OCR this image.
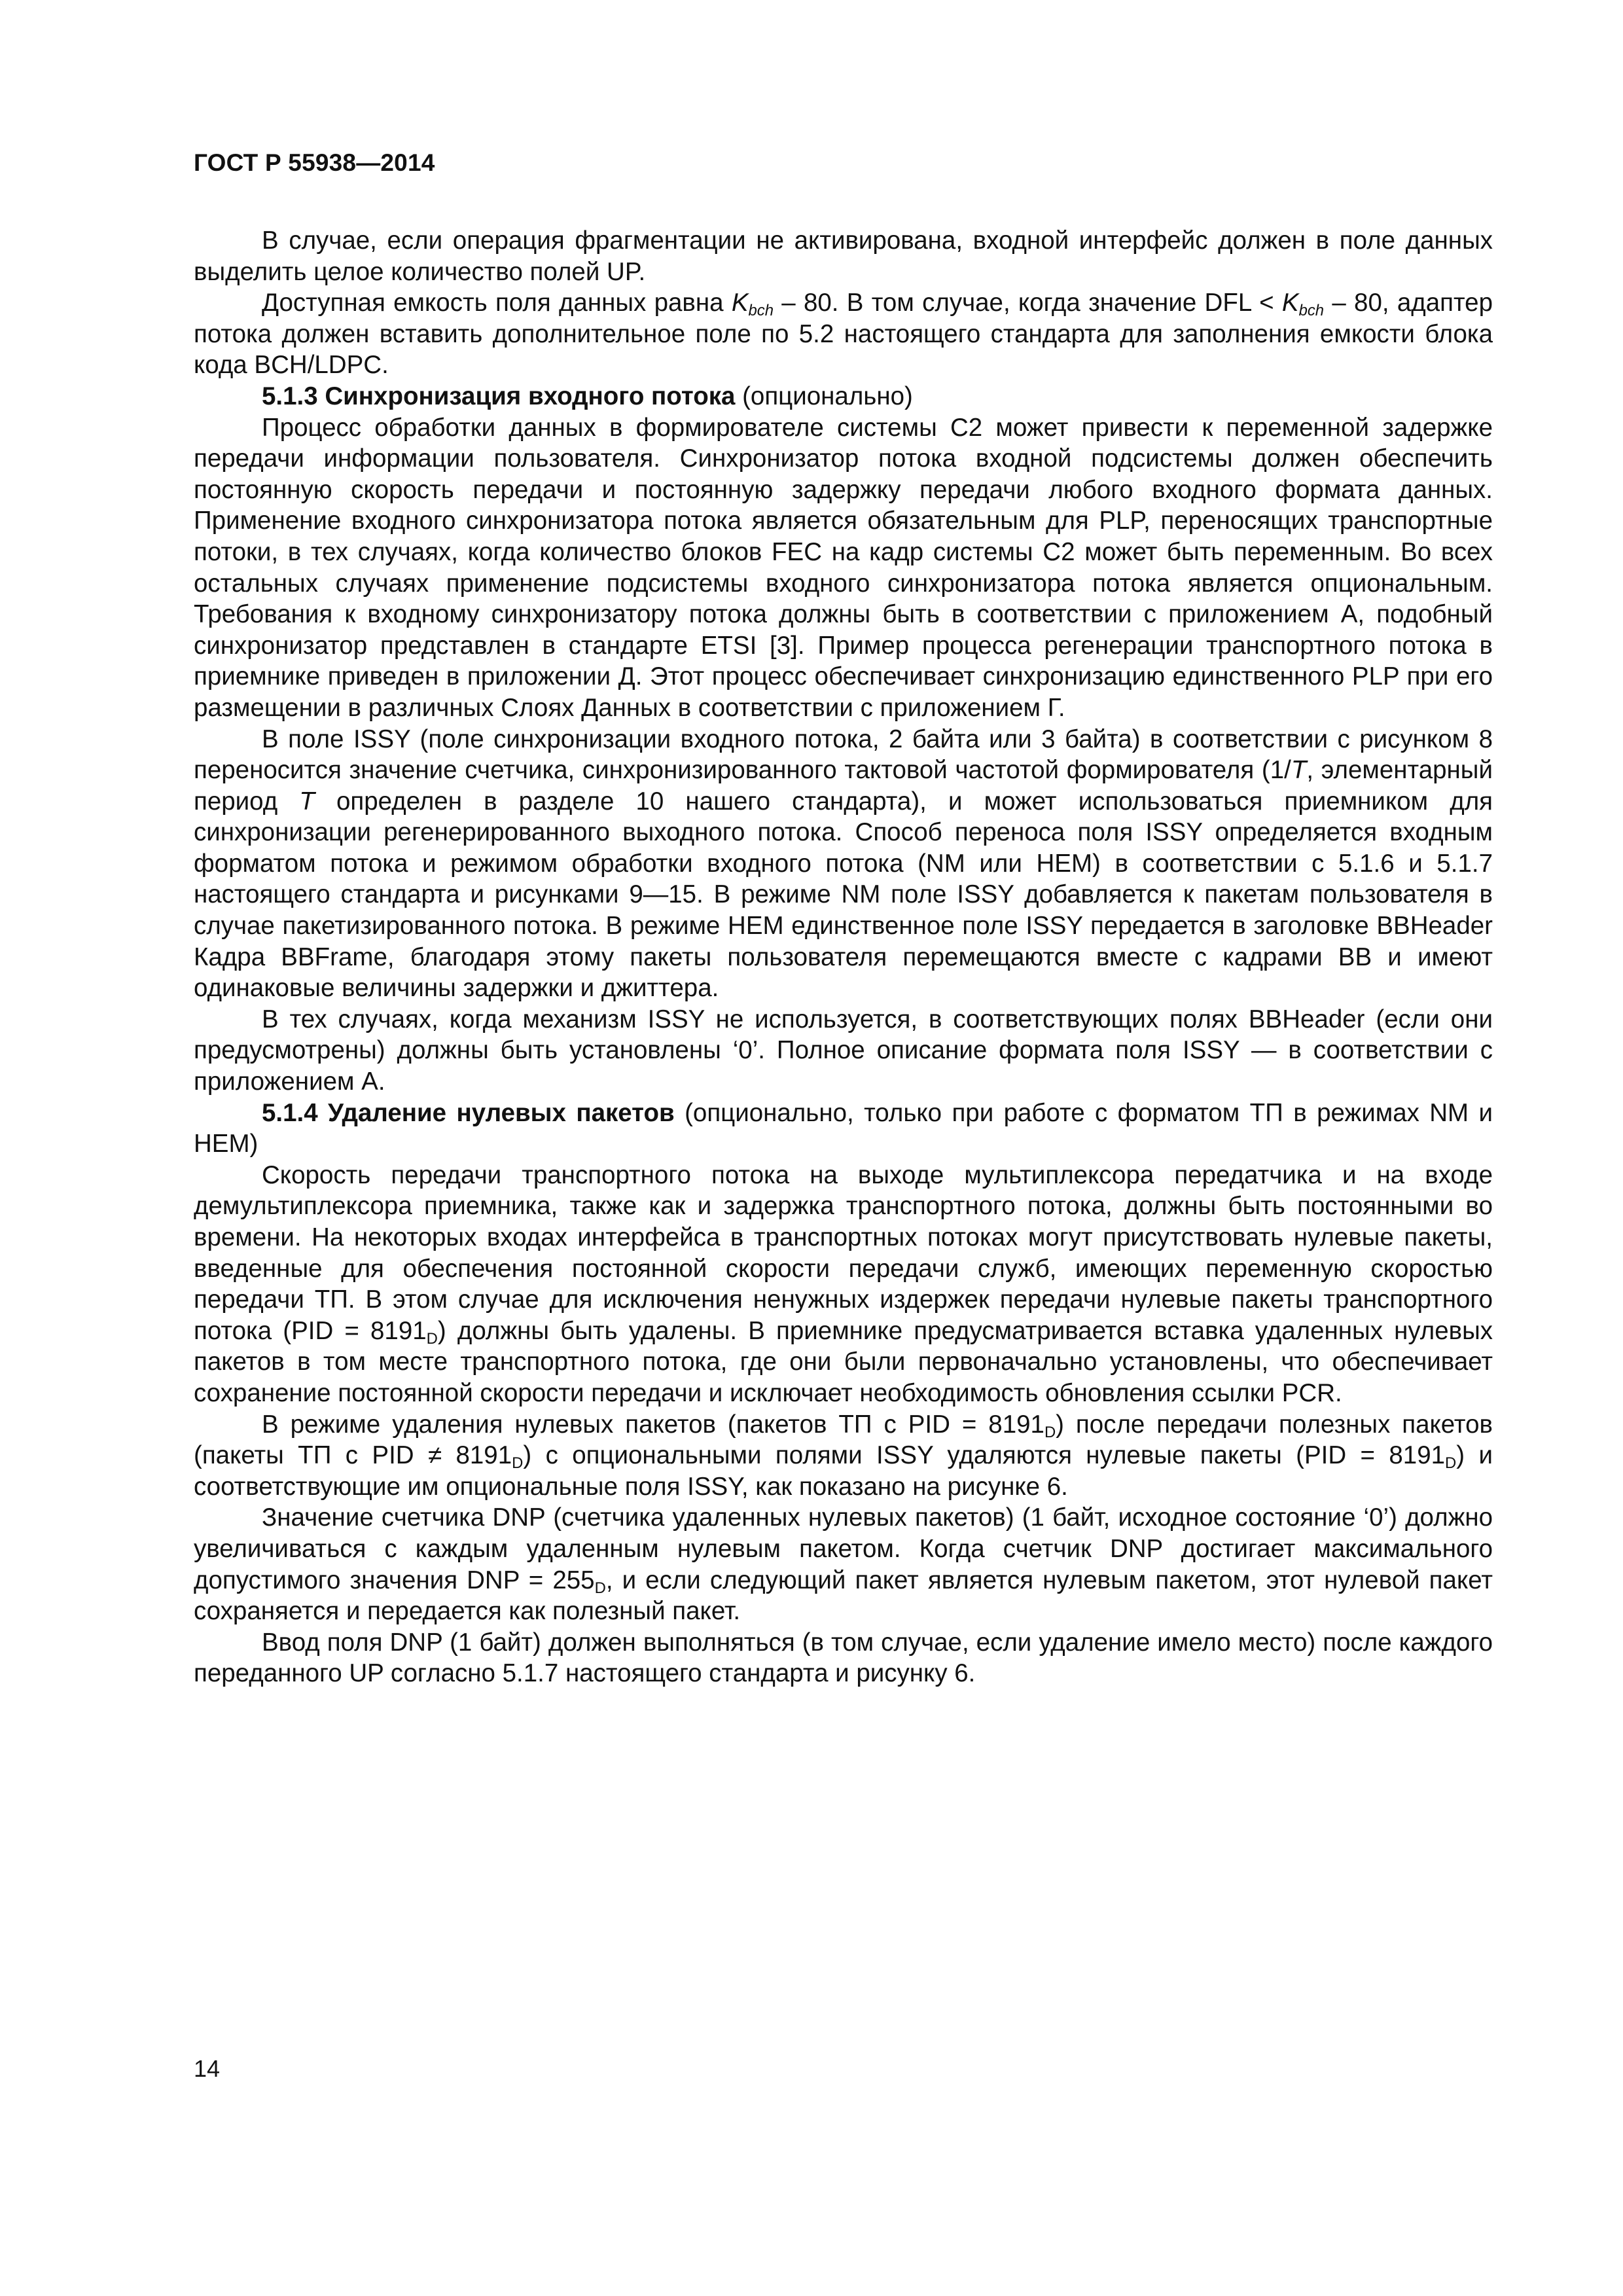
ГОСТ Р 55938—2014

В случае, если операция фрагментации не активирована, входной интерфейс должен в поле данных выделить целое количество полей UP.

Доступная емкость поля данных равна $K_{bch} - 80$. В том случае, когда значение DFL < $K_{bch} - 80$, адаптер потока должен вставить дополнительное поле по 5.2 настоящего стандарта для заполнения емкости блока кода BCH/LDPC.

5.1.3 Синхронизация входного потока (опционально)

Процесс обработки данных в формирователе системы С2 может привести к переменной задержке передачи информации пользователя. Синхронизатор потока входной подсистемы должен обеспечить постоянную скорость передачи и постоянную задержку передачи любого входного формата данных. Применение входного синхронизатора потока является обязательным для PLP, переносящих транспортные потоки, в тех случаях, когда количество блоков FEC на кадр системы С2 может быть переменным. Во всех остальных случаях применение подсистемы входного синхронизатора потока является опциональным. Требования к входному синхронизатору потока должны быть в соответствии с приложением А, подобный синхронизатор представлен в стандарте ETSI [3]. Пример процесса регенерации транспортного потока в приемнике приведен в приложении Д. Этот процесс обеспечивает синхронизацию единственного PLP при его размещении в различных Слоях Данных в соответствии с приложением Г.

В поле ISSY (поле синхронизации входного потока, 2 байта или 3 байта) в соответствии с рисунком 8 переносится значение счетчика, синхронизированного тактовой частотой формирователя (1/T, элементарный период T определен в разделе 10 нашего стандарта), и может использоваться приемником для синхронизации регенерированного выходного потока. Способ переноса поля ISSY определяется входным форматом потока и режимом обработки входного потока (NM или HEM) в соответствии с 5.1.6 и 5.1.7 настоящего стандарта и рисунками 9—15. В режиме NM поле ISSY добавляется к пакетам пользователя в случае пакетизированного потока. В режиме HEM единственное поле ISSY передается в заголовке BBHeader Кадра BBFrame, благодаря этому пакеты пользователя перемещаются вместе с кадрами BB и имеют одинаковые величины задержки и джиттера.

В тех случаях, когда механизм ISSY не используется, в соответствующих полях BBHeader (если они предусмотрены) должны быть установлены ‘0’. Полное описание формата поля ISSY — в соответствии с приложением А.

5.1.4 Удаление нулевых пакетов (опционально, только при работе с форматом ТП в режимах NM и HEM)

Скорость передачи транспортного потока на выходе мультиплексора передатчика и на входе демультиплексора приемника, также как и задержка транспортного потока, должны быть постоянными во времени. На некоторых входах интерфейса в транспортных потоках могут присутствовать нулевые пакеты, введенные для обеспечения постоянной скорости передачи служб, имеющих переменную скоростью передачи ТП. В этом случае для исключения ненужных издержек передачи нулевые пакеты транспортного потока $(PID = 8191_D)$ должны быть удалены. В приемнике предусматривается вставка удаленных нулевых пакетов в том месте транспортного потока, где они были первоначально установлены, что обеспечивает сохранение постоянной скорости передачи и исключает необходимость обновления ссылки PCR.

В режиме удаления нулевых пакетов (пакетов ТП с PID = $8191_D$) после передачи полезных пакетов (пакеты ТП с PID ≠ $8191_D$) с опциональными полями ISSY удаляются нулевые пакеты $(PID = 8191_D)$ и соответствующие им опциональные поля ISSY, как показано на рисунке 6.

Значение счетчика DNP (счетчика удаленных нулевых пакетов) (1 байт, исходное состояние ‘0’) должно увеличиваться с каждым удаленным нулевым пакетом. Когда счетчик DNP достигает максимального допустимого значения DNP = $255_D$, и если следующий пакет является нулевым пакетом, этот нулевой пакет сохраняется и передается как полезный пакет.

Ввод поля DNP (1 байт) должен выполняться (в том случае, если удаление имело место) после каждого переданного UP согласно 5.1.7 настоящего стандарта и рисунку 6.

14
